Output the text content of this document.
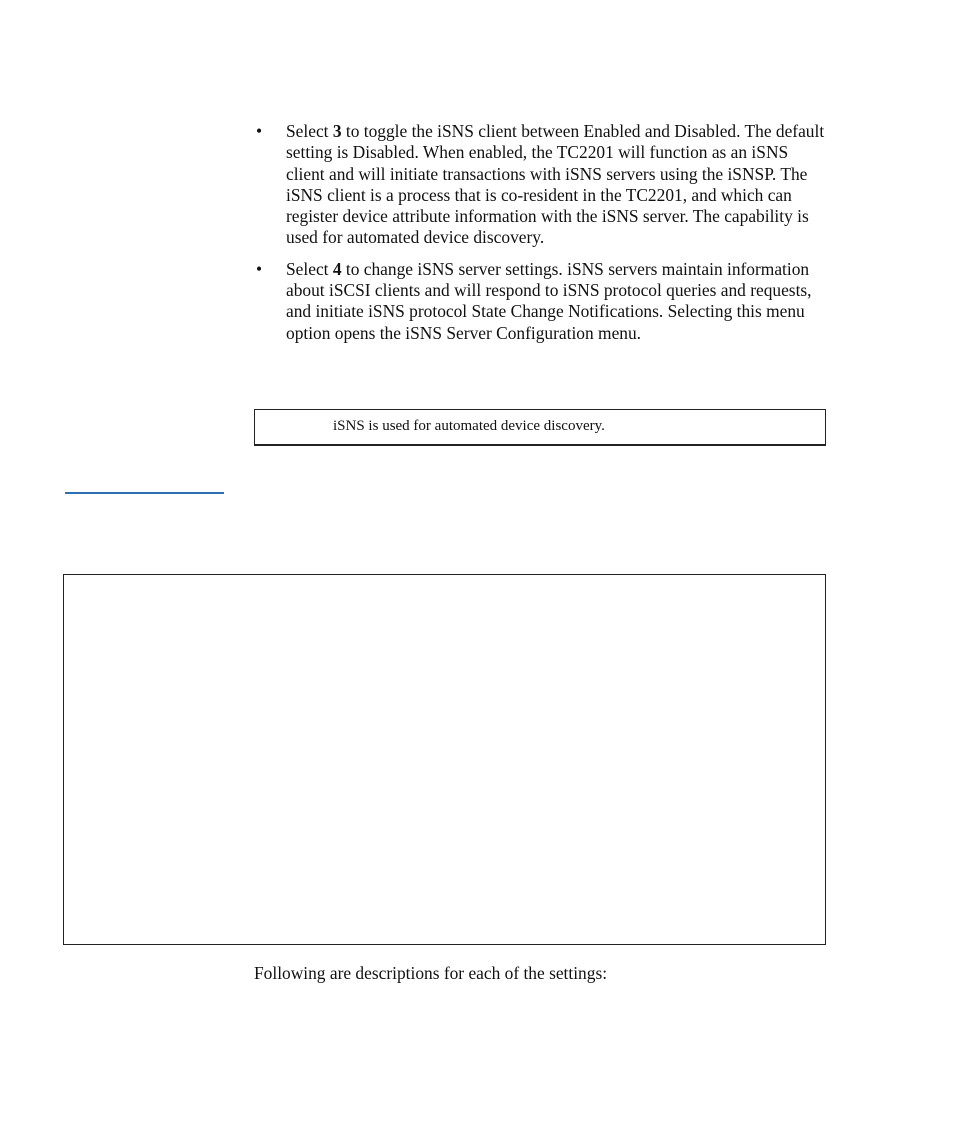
• Select 3 to toggle the iSNS client between Enabled and Disabled. The default setting is Disabled. When enabled, the TC2201 will function as an iSNS client and will initiate transactions with iSNS servers using the iSNSP. The iSNS client is a process that is co-resident in the TC2201, and which can register device attribute information with the iSNS server. The capability is used for automated device discovery.
• Select 4 to change iSNS server settings. iSNS servers maintain information about iSCSI clients and will respond to iSNS protocol queries and requests, and initiate iSNS protocol State Change Notifications. Selecting this menu option opens the iSNS Server Configuration menu.
iSNS is used for automated device discovery.
Following are descriptions for each of the settings:
